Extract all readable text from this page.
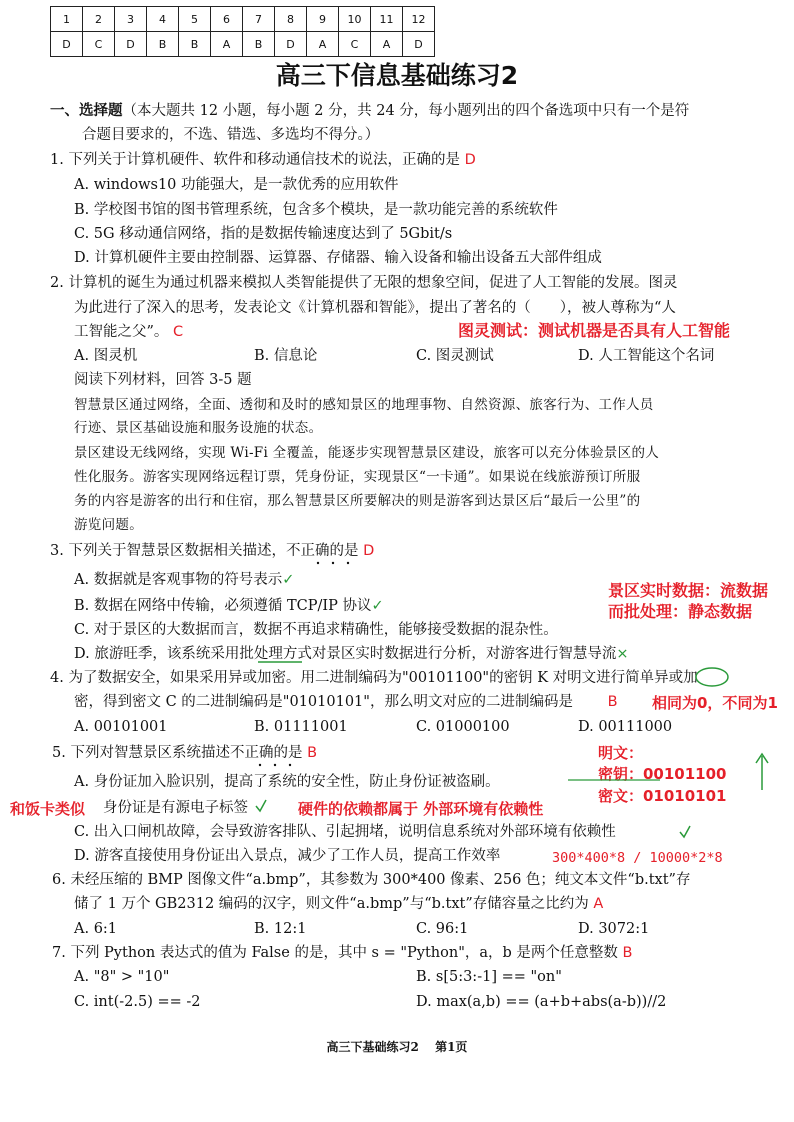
1	2	3	4	5	6	7	8	9	10	11	12
D	C	D	B	B	A	B	D	A	C	A	D
高三下信息基础练习2
一、选择题（本大题共 12 小题，每小题 2 分，共 24 分，每小题列出的四个备选项中只有一个是符
合题目要求的，不选、错选、多选均不得分。）
1. 下列关于计算机硬件、软件和移动通信技术的说法，正确的是 D
A. windows10 功能强大，是一款优秀的应用软件
B. 学校图书馆的图书管理系统，包含多个模块，是一款功能完善的系统软件
C. 5G 移动通信网络，指的是数据传输速度达到了 5Gbit/s
D. 计算机硬件主要由控制器、运算器、存储器、输入设备和输出设备五大部件组成
2. 计算机的诞生为通过机器来模拟人类智能提供了无限的想象空间，促进了人工智能的发展。图灵
为此进行了深入的思考，发表论文《计算机器和智能》，提出了著名的（　　），被人尊称为“人
工智能之父”。 C	图灵测试：测试机器是否具有人工智能
A. 图灵机	B. 信息论	C. 图灵测试	D. 人工智能这个名词
阅读下列材料，回答 3-5 题
智慧景区通过网络，全面、透彻和及时的感知景区的地理事物、自然资源、旅客行为、工作人员
行迹、景区基础设施和服务设施的状态。
景区建设无线网络，实现 Wi-Fi 全覆盖，能逐步实现智慧景区建设，旅客可以充分体验景区的人
性化服务。游客实现网络远程订票，凭身份证，实现景区“一卡通”。如果说在线旅游预订所服
务的内容是游客的出行和住宿，那么智慧景区所要解决的则是游客到达景区后“最后一公里”的
游览问题。
3. 下列关于智慧景区数据相关描述，不正确的是 D
A. 数据就是客观事物的符号表示✓
B. 数据在网络中传输，必须遵循 TCP/IP 协议✓
C. 对于景区的大数据而言，数据不再追求精确性，能够接受数据的混杂性。
D. 旅游旺季，该系统采用批处理方式对景区实时数据进行分析，对游客进行智慧导流×
景区实时数据：流数据
而批处理：静态数据
4. 为了数据安全，如果采用异或加密。用二进制编码为"00101100"的密钥 K 对明文进行简单异或加
密，得到密文 C 的二进制编码是"01010101"，那么明文对应的二进制编码是 B 相同为0，不同为1
A. 00101001	B. 01111001	C. 01000100	D. 00111000
5. 下列对智慧景区系统描述不正确的是 B	明文：
密钥：00101100
密文：01010101
A. 身份证加入脸识别，提高了系统的安全性，防止身份证被盗刷。
和饭卡类似 身份证是有源电子标签	硬件的依赖都属于 外部环境有依赖性
C. 出入口闸机故障，会导致游客排队、引起拥堵，说明信息系统对外部环境有依赖性
D. 游客直接使用身份证出入景点，减少了工作人员，提高工作效率	300*400*8 / 10000*2*8
6. 未经压缩的 BMP 图像文件“a.bmp”，其参数为 300*400 像素、256 色；纯文本文件“b.txt”存
储了 1 万个 GB2312 编码的汉字，则文件“a.bmp”与“b.txt”存储容量之比约为 A
A. 6:1	B. 12:1	C. 96:1	D. 3072:1
7. 下列 Python 表达式的值为 False 的是，其中 s = "Python"，a，b 是两个任意整数 B
A. "8" > "10"	B. s[5:3:-1] == "on"
C. int(-2.5) == -2	D. max(a,b) == (a+b+abs(a-b))//2
高三下基础练习2　 第1页
